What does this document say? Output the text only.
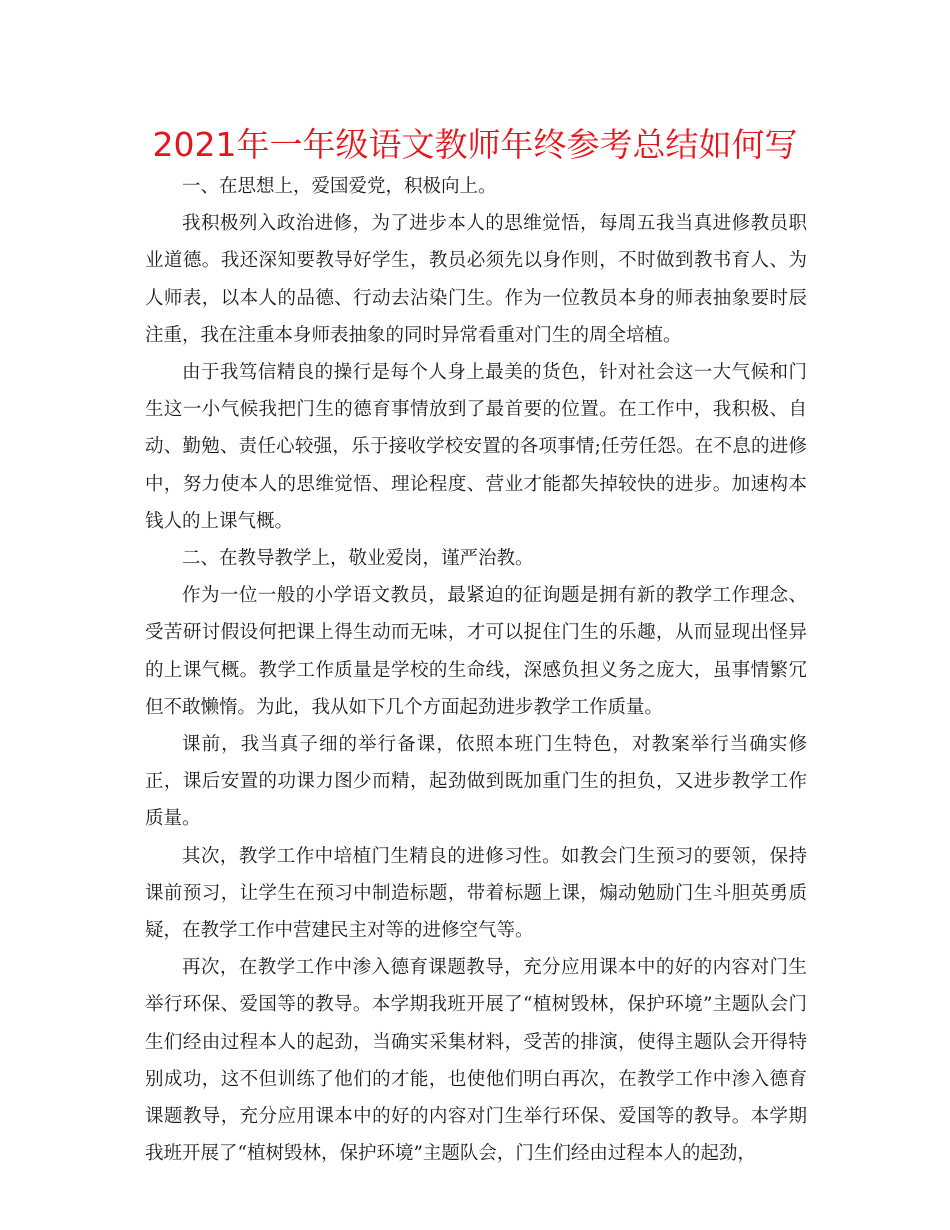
2021年一年级语文教师年终参考总结如何写

一、在思想上，爱国爱党，积极向上。

我积极列入政治进修，为了进步本人的思维觉悟，每周五我当真进修教员职业道德。我还深知要教导好学生，教员必须先以身作则，不时做到教书育人、为人师表，以本人的品德、行动去沾染门生。作为一位教员本身的师表抽象要时辰注重，我在注重本身师表抽象的同时异常看重对门生的周全培植。

由于我笃信精良的操行是每个人身上最美的货色，针对社会这一大气候和门生这一小气候我把门生的德育事情放到了最首要的位置。在工作中，我积极、自动、勤勉、责任心较强，乐于接收学校安置的各项事情;任劳任怨。在不息的进修中，努力使本人的思维觉悟、理论程度、营业才能都失掉较快的进步。加速构本钱人的上课气概。

二、在教导教学上，敬业爱岗，谨严治教。

作为一位一般的小学语文教员，最紧迫的征询题是拥有新的教学工作理念、受苦研讨假设何把课上得生动而无味，才可以捉住门生的乐趣，从而显现出怪异的上课气概。教学工作质量是学校的生命线，深感负担义务之庞大，虽事情繁冗但不敢懒惰。为此，我从如下几个方面起劲进步教学工作质量。

课前，我当真子细的举行备课，依照本班门生特色，对教案举行当确实修正，课后安置的功课力图少而精，起劲做到既加重门生的担负，又进步教学工作质量。

其次，教学工作中培植门生精良的进修习性。如教会门生预习的要领，保持课前预习，让学生在预习中制造标题，带着标题上课，煽动勉励门生斗胆英勇质疑，在教学工作中营建民主对等的进修空气等。

再次，在教学工作中渗入德育课题教导，充分应用课本中的好的内容对门生举行环保、爱国等的教导。本学期我班开展了“植树毁林，保护环境”主题队会门生们经由过程本人的起劲，当确实采集材料，受苦的排演，使得主题队会开得特别成功，这不但训练了他们的才能，也使他们明白再次，在教学工作中渗入德育课题教导，充分应用课本中的好的内容对门生举行环保、爱国等的教导。本学期我班开展了“植树毁林，保护环境”主题队会，门生们经由过程本人的起劲，
